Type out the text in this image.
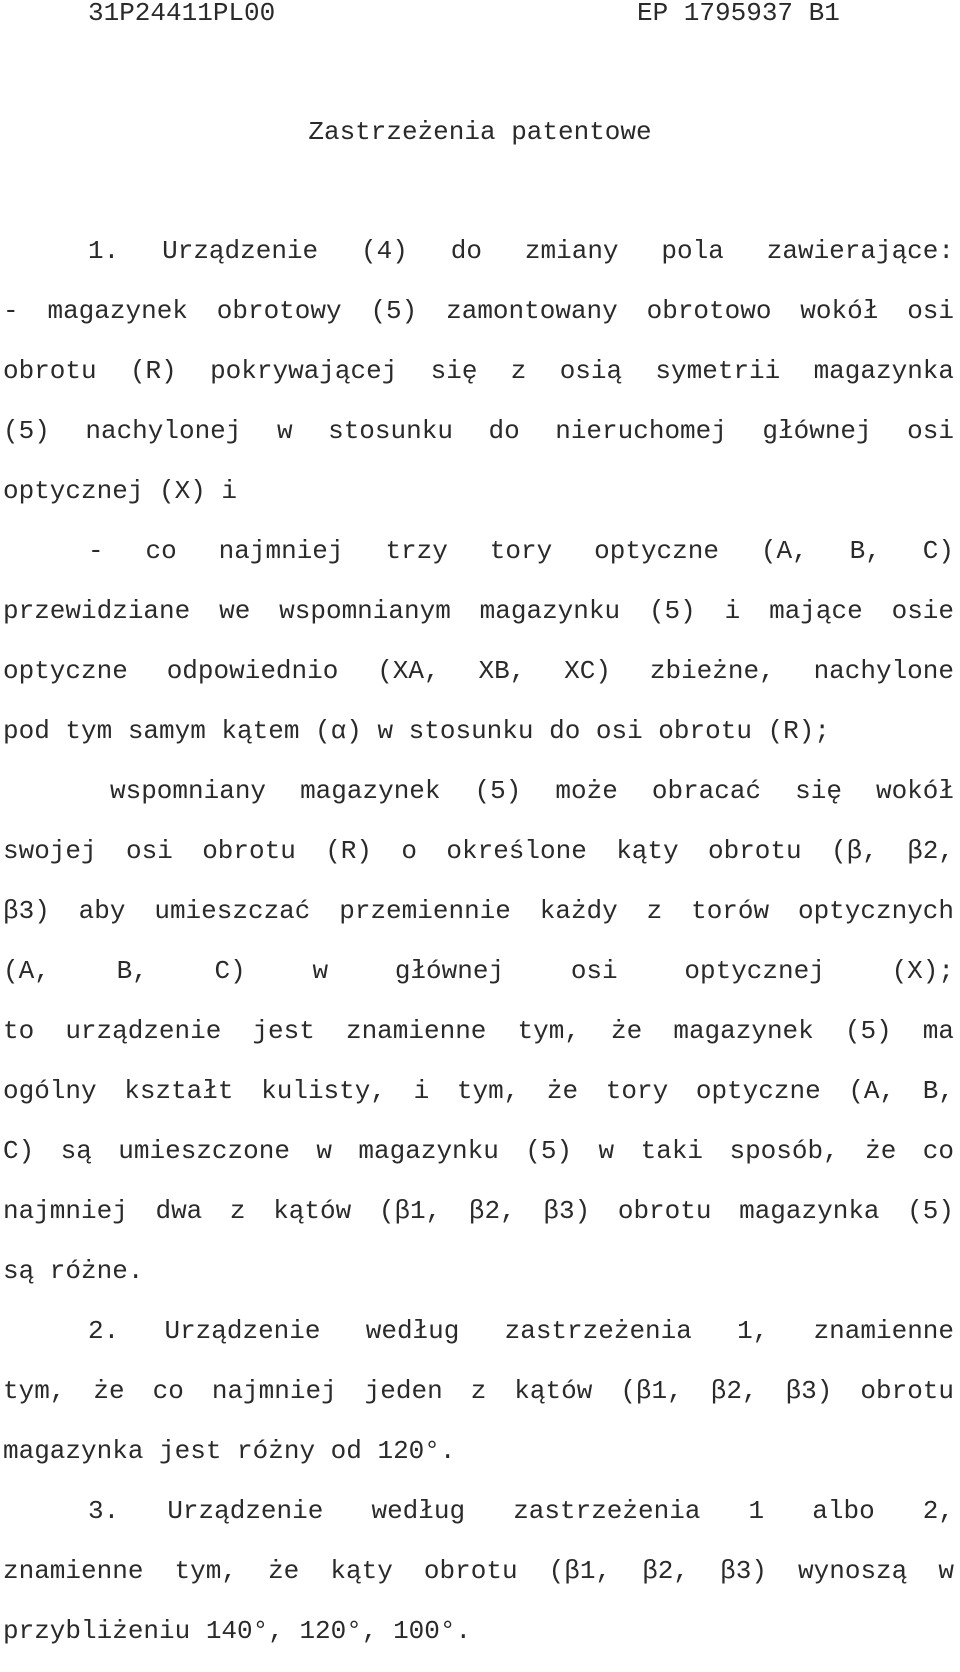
31P24411PL00	EP 1795937 B1
Zastrzeżenia patentowe
1. Urządzenie (4) do zmiany pola zawierające:
- magazynek obrotowy (5) zamontowany obrotowo wokół osi
obrotu (R) pokrywającej się z osią symetrii magazynka
(5) nachylonej w stosunku do nieruchomej głównej osi
optycznej (X) i
- co najmniej trzy tory optyczne (A, B, C)
przewidziane we wspomnianym magazynku (5) i mające osie
optyczne odpowiednio (XA, XB, XC) zbieżne, nachylone
pod tym samym kątem (α) w stosunku do osi obrotu (R);
wspomniany magazynek (5) może obracać się wokół
swojej osi obrotu (R) o określone kąty obrotu (β, β2,
β3) aby umieszczać przemiennie każdy z torów optycznych
(A, B, C) w głównej osi optycznej (X);
to urządzenie jest znamienne tym, że magazynek (5) ma
ogólny kształt kulisty, i tym, że tory optyczne (A, B,
C) są umieszczone w magazynku (5) w taki sposób, że co
najmniej dwa z kątów (β1, β2, β3) obrotu magazynka (5)
są różne.
2. Urządzenie według zastrzeżenia 1, znamienne
tym, że co najmniej jeden z kątów (β1, β2, β3) obrotu
magazynka jest różny od 120°.
3. Urządzenie według zastrzeżenia 1 albo 2,
znamienne tym, że kąty obrotu (β1, β2, β3) wynoszą w
przybliżeniu 140°, 120°, 100°.
